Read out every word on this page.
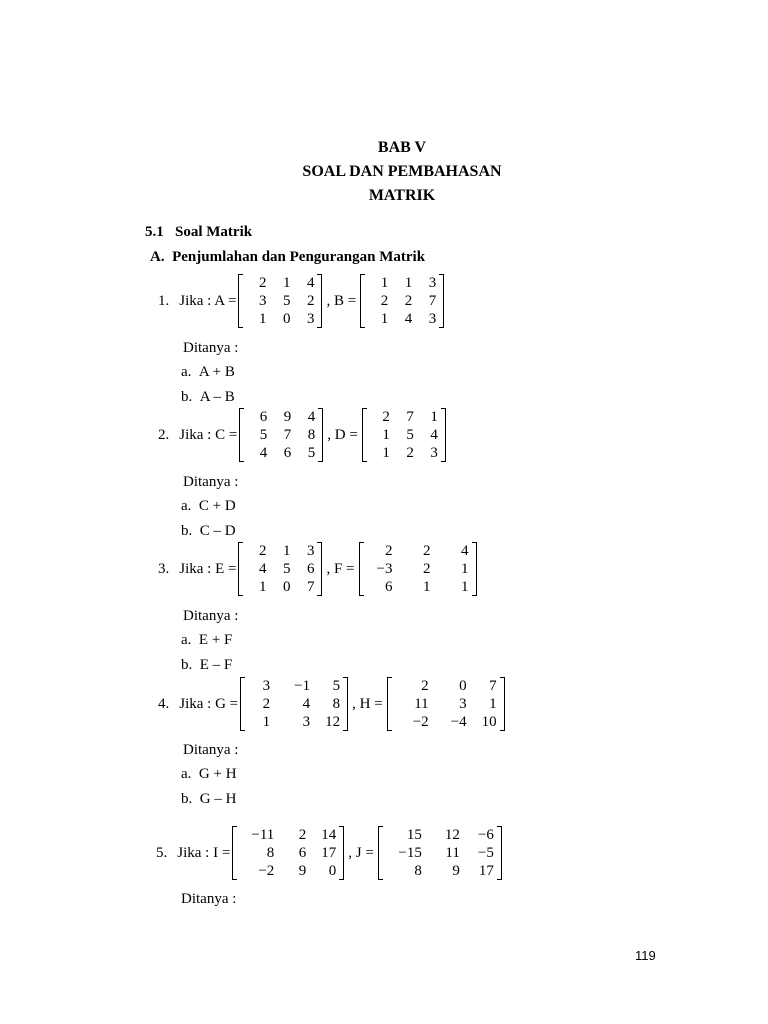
BAB V
SOAL DAN PEMBAHASAN
MATRIK
5.1 Soal Matrik
A. Penjumlahan dan Pengurangan Matrik
1. Jika : A =
2	1	4
3	5	2
1	0	3
, B =
1	1	3
2	2	7
1	4	3
Ditanya :
a. A + B
b. A – B
2. Jika : C =
6	9	4
5	7	8
4	6	5
, D =
2	7	1
1	5	4
1	2	3
Ditanya :
a. C + D
b. C – D
3. Jika : E =
2	1	3
4	5	6
1	0	7
, F =
2	2	4
−3	2	1
6	1	1
Ditanya :
a. E + F
b. E – F
4. Jika : G =
3	−1	5
2	4	8
1	3	12
, H =
2	0	7
11	3	1
−2	−4	10
Ditanya :
a. G + H
b. G – H
5. Jika : I =
−11	2	14
8	6	17
−2	9	0
, J =
15	12	−6
−15	11	−5
8	9	17
Ditanya :
119
